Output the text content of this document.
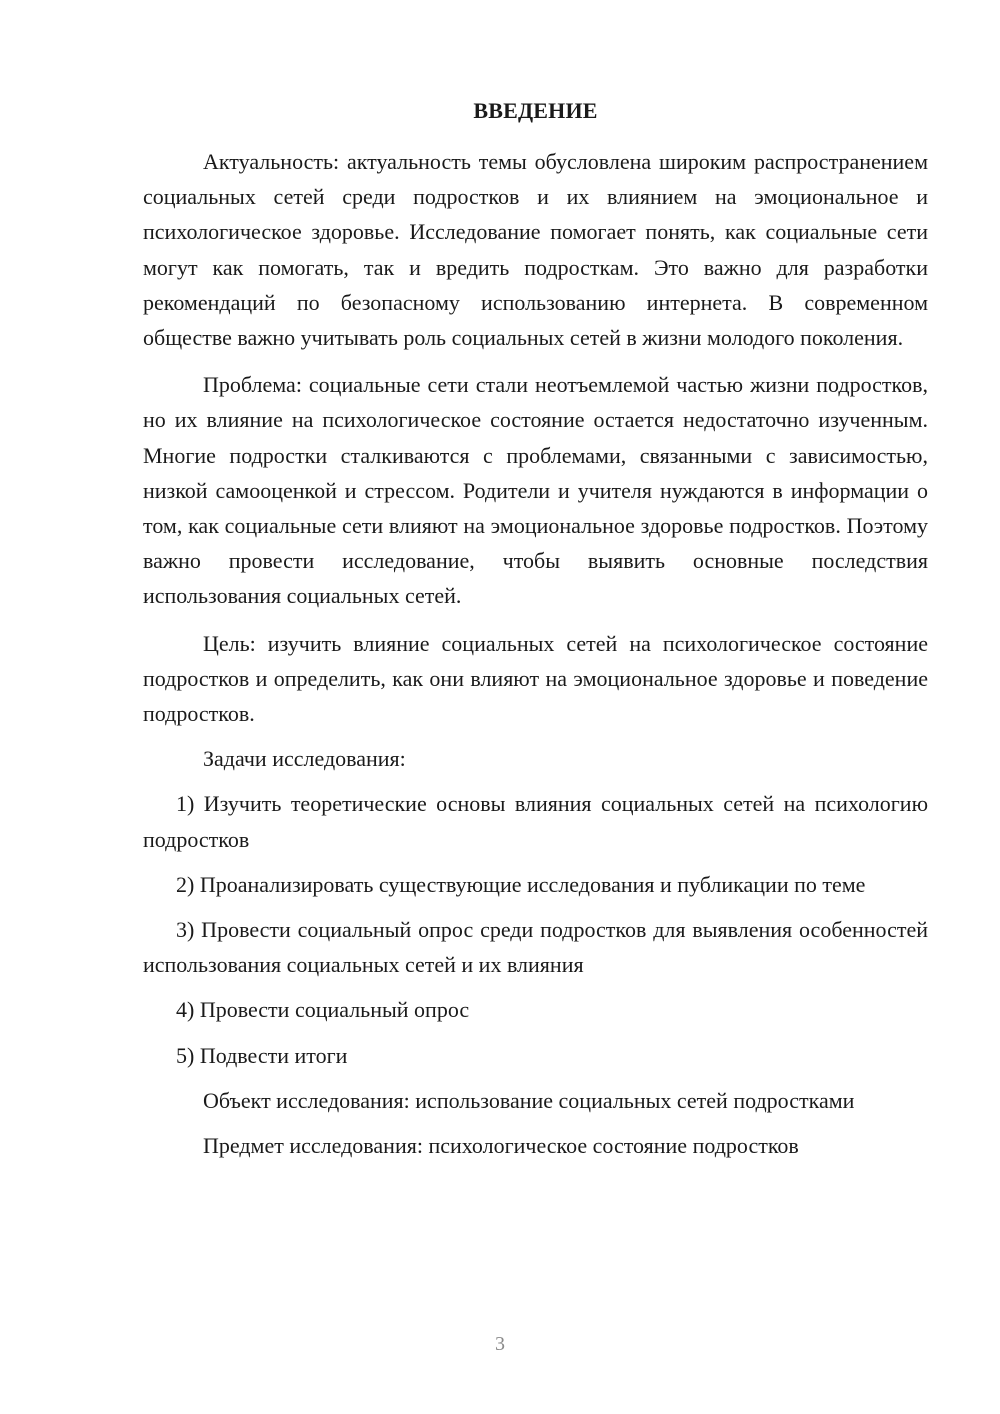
ВВЕДЕНИЕ

Актуальность: актуальность темы обусловлена широким распространением социальных сетей среди подростков и их влиянием на эмоциональное и психологическое здоровье. Исследование помогает понять, как социальные сети могут как помогать, так и вредить подросткам. Это важно для разработки рекомендаций по безопасному использованию интернета. В современном обществе важно учитывать роль социальных сетей в жизни молодого поколения.

Проблема: социальные сети стали неотъемлемой частью жизни подростков, но их влияние на психологическое состояние остается недостаточно изученным. Многие подростки сталкиваются с проблемами, связанными с зависимостью, низкой самооценкой и стрессом. Родители и учителя нуждаются в информации о том, как социальные сети влияют на эмоциональное здоровье подростков. Поэтому важно провести исследование, чтобы выявить основные последствия использования социальных сетей.

Цель: изучить влияние социальных сетей на психологическое состояние подростков и определить, как они влияют на эмоциональное здоровье и поведение подростков.

Задачи исследования:

1) Изучить теоретические основы влияния социальных сетей на психологию подростков

2) Проанализировать существующие исследования и публикации по теме

3) Провести социальный опрос среди подростков для выявления особенностей использования социальных сетей и их влияния

4) Провести социальный опрос

5) Подвести итоги

Объект исследования: использование социальных сетей подростками

Предмет исследования: психологическое состояние подростков

3
